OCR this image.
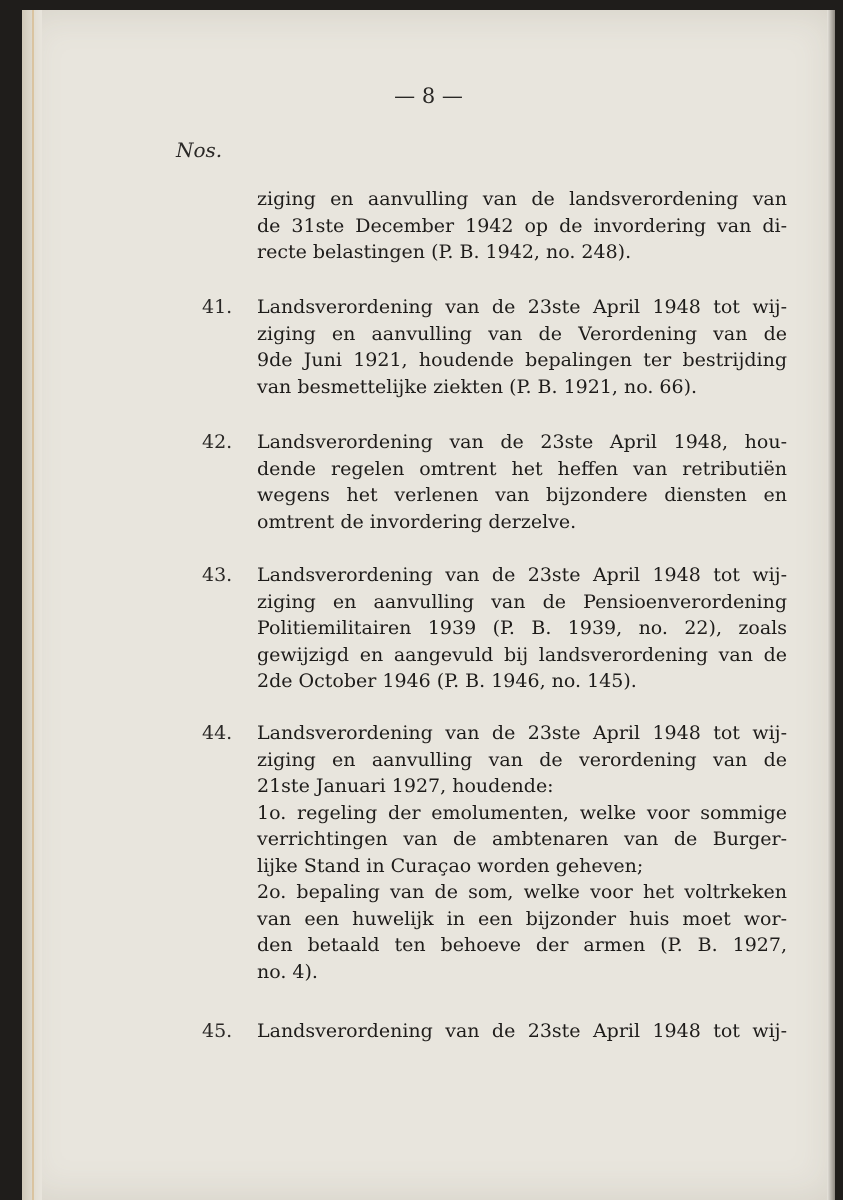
— 8 —
Nos.
ziging en aanvulling van de landsverordening van
de 31ste December 1942 op de invordering van di-
recte belastingen (P. B. 1942, no. 248).
41. Landsverordening van de 23ste April 1948 tot wij-
ziging en aanvulling van de Verordening van de
9de Juni 1921, houdende bepalingen ter bestrijding
van besmettelijke ziekten (P. B. 1921, no. 66).
42. Landsverordening van de 23ste April 1948, hou-
dende regelen omtrent het heffen van retributiën
wegens het verlenen van bijzondere diensten en
omtrent de invordering derzelve.
43. Landsverordening van de 23ste April 1948 tot wij-
ziging en aanvulling van de Pensioenverordening
Politiemilitairen 1939 (P. B. 1939, no. 22), zoals
gewijzigd en aangevuld bij landsverordening van de
2de October 1946 (P. B. 1946, no. 145).
44. Landsverordening van de 23ste April 1948 tot wij-
ziging en aanvulling van de verordening van de
21ste Januari 1927, houdende:
1o. regeling der emolumenten, welke voor sommige
verrichtingen van de ambtenaren van de Burger-
lijke Stand in Curaçao worden geheven;
2o. bepaling van de som, welke voor het voltrkeken
van een huwelijk in een bijzonder huis moet wor-
den betaald ten behoeve der armen (P. B. 1927,
no. 4).
45. Landsverordening van de 23ste April 1948 tot wij-
